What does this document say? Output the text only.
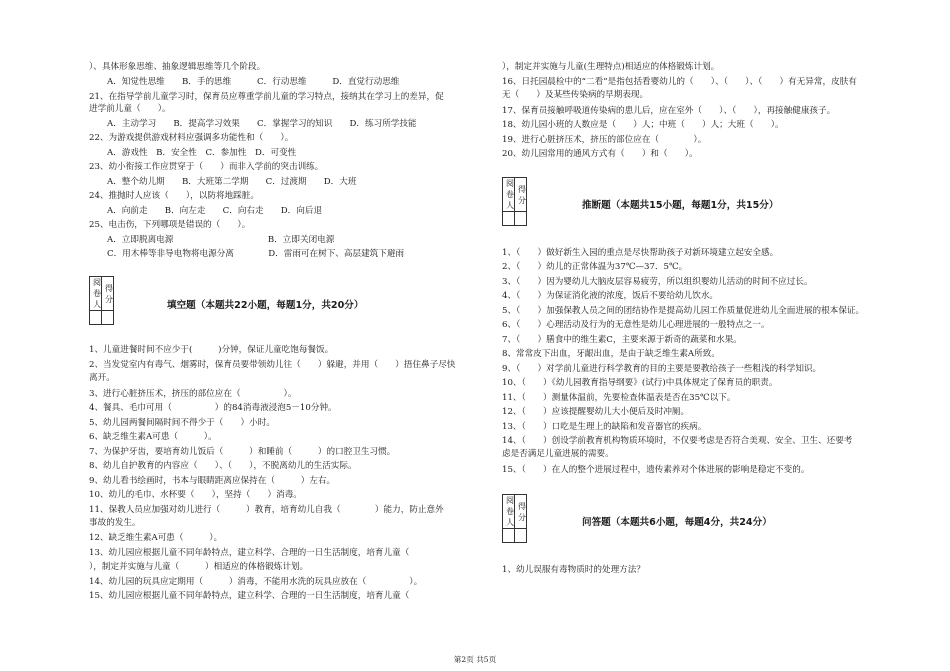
）、具体形象思维、抽象逻辑思维等几个阶段。
A．知觉性思维　　B．手的思维　　　C．行动思维　　　D．直觉行动思维
21、在指导学前儿童学习时，保育员应尊重学前儿童的学习特点，接纳其在学习上的差异，促
进学前儿童（　　）。
A．主动学习　　B．提高学习效果　　C．掌握学习的知识　　D．练习所学技能
22、为游戏提供游戏材料应强调多功能性和（　　）。
A．游戏性　B．安全性　C．参加性　D．可变性
23、幼小衔接工作应贯穿于（　　）而非入学前的突击训练。
A．整个幼儿期　　B．大班第二学期　　C．过渡期　　D．大班
24、推抛时人应该（　　），以防将地踩脏。
A．向前走　　B．向左走　　C．向右走　　D．向后退
25、电击伤，下列哪项是错误的（　　）。
A．立即脱离电源　　　　　　　　　　　B．立即关闭电源
C．用木棒等非导电物将电源分离　　　　D．雷雨可在树下、高层建筑下避雨
阅卷人	得分

填空题（本题共22小题，每题1分，共20分）
1、儿童进餐时间不应少于(　　　)分钟，保证儿童吃饱每餐饭。
2、当发觉室内有毒气、烟雾时，保育员要带领幼儿往（　　）躲避，并用（　　）捂住鼻子尽快
离开。
3、进行心脏挤压术，挤压的部位应在（　　　　　）。
4、餐具、毛巾可用（　　　　　）的84消毒液浸泡5－10分钟。
5、幼儿园两餐间隔时间不得少于（　　）小时。
6、缺乏维生素A可患（　　　）。
7、为保护牙齿，要培育幼儿饭后（　　　）和睡前（　　　）的口腔卫生习惯。
8、幼儿自护教育的内容应（　　）、（　　），不脱离幼儿的生活实际。
9、幼儿看书绘画时，书本与眼睛距离应保持在（　　　）左右。
10、幼儿的毛巾、水杯要（　　），坚持（　　）消毒。
11、保教人员应加强对幼儿进行（　　　）教育，培育幼儿自我（　　　　）能力，防止意外
事故的发生。
12、缺乏维生素A可患（　　　）。
13、幼儿园应根据儿童不同年龄特点，建立科学、合理的一日生活制度，培育儿童（
），制定并实施与儿童（　　　）相适应的体格锻炼计划。
14、幼儿园的玩具应定期用（　　　）消毒，不能用水洗的玩具应放在（　　　　　）。
15、幼儿园应根据儿童不同年龄特点，建立科学、合理的一日生活制度，培育儿童（
），制定并实施与儿童(生理特点)相适应的体格锻炼计划。
16、日托园晨检中的“二看”是指包括看婴幼儿的（　　）、（　　）、（　　）有无异常，皮肤有
无（　　）及某些传染病的早期表现。
17、保育员接触呼吸道传染病的患儿后，应在室外（　　）、（　　），再接触健康孩子。
18、幼儿园小班的人数应是（　　）人；中班（　　）人；大班（　　）。
19、进行心脏挤压术，挤压的部位应在（　　　　）。
20、幼儿园常用的通风方式有（　　）和（　　）。
阅卷人	得分
		推断题（本题共15小题，每题1分，共15分）
1、（　　）做好新生入园的重点是尽快帮助孩子对新环境建立起安全感。
2、（　　）幼儿的正常体温为37℃—37．5℃。
3、（　　）因为婴幼儿大脑皮层容易疲劳，所以组织婴幼儿活动的时间不应过长。
4、（　　）为保证消化液的浓度，饭后不要给幼儿饮水。
5、（　　）加强保教人员之间的团结协作是提高幼儿园工作质量促进幼儿全面进展的根本保证。
6、（　　）心理活动及行为的无意性是幼儿心理进展的一般特点之一。
7、（　　）膳食中的维生素C，主要来源于新奇的蔬菜和水果。
8、常常皮下出血，牙龈出血，是由于缺乏维生素A所致。
9、（　　）对学前儿童进行科学教育的目的主要是要教给孩子一些粗浅的科学知识。
10、（　　）《幼儿园教育指导纲要》(试行)中具体规定了保育员的职责。
11、（　　）测量体温前，先要检查体温表是否在35℃以下。
12、（　　）应该提醒婴幼儿大小便后及时冲厕。
13、（　　）口吃是生理上的缺陷和发音器官的疾病。
14、（　　）创设学前教育机构物质环境时，不仅要考虑是否符合美观、安全、卫生、还要考
虑是否满足儿童进展的需要。
15、（　　）在人的整个进展过程中，遗传素养对个体进展的影响是稳定不变的。
阅卷人	得分
		问答题（本题共6小题，每题4分，共24分）
1、幼儿误服有毒物质时的处理方法？
第2页 共5页
